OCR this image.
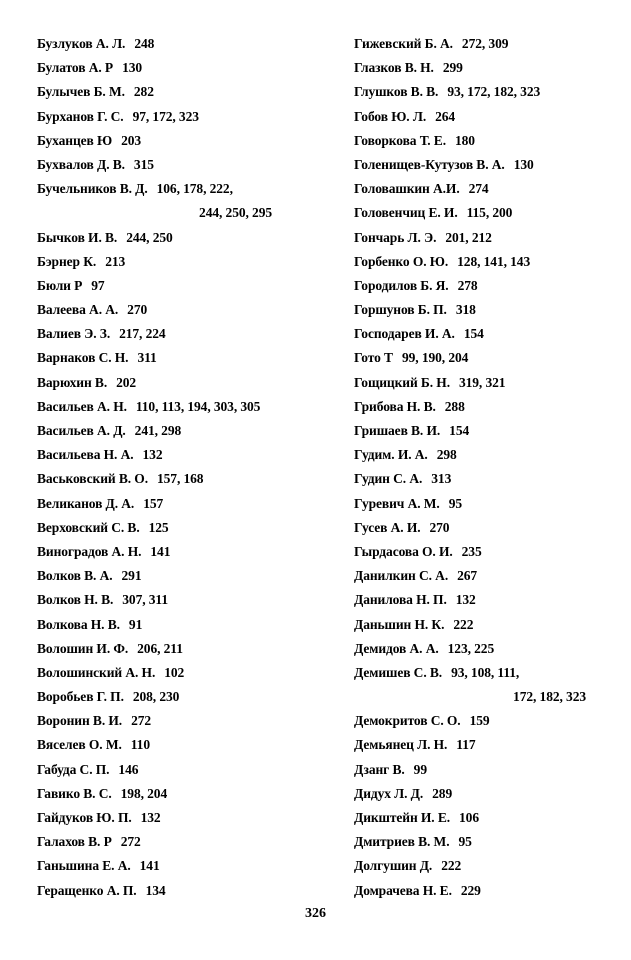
Бузлуков А. Л. 248
Булатов А. Р 130
Булычев Б. М. 282
Бурханов Г. С. 97, 172, 323
Буханцев Ю 203
Бухвалов Д. В. 315
Бучельников В. Д. 106, 178, 222,
244, 250, 295
Бычков И. В. 244, 250
Бэрнер К. 213
Бюли Р 97
Валеева А. А. 270
Валиев Э. З. 217, 224
Варнаков С. Н. 311
Варюхин В. 202
Васильев А. Н. 110, 113, 194, 303, 305
Васильев А. Д. 241, 298
Васильева Н. А. 132
Васьковский В. О. 157, 168
Великанов Д. А. 157
Верховский С. В. 125
Виноградов А. Н. 141
Волков В. А. 291
Волков Н. В. 307, 311
Волкова Н. В. 91
Волошин И. Ф. 206, 211
Волошинский А. Н. 102
Воробьев Г. П. 208, 230
Воронин В. И. 272
Вяселев О. М. 110
Габуда С. П. 146
Гавико В. С. 198, 204
Гайдуков Ю. П. 132
Галахов В. Р 272
Ганьшина Е. А. 141
Геращенко А. П. 134
Гижевский Б. А. 272, 309
Глазков В. Н. 299
Глушков В. В. 93, 172, 182, 323
Гобов Ю. Л. 264
Говоркова Т. Е. 180
Голенищев-Кутузов В. А. 130
Головашкин А.И. 274
Головенчиц Е. И. 115, 200
Гончарь Л. Э. 201, 212
Горбенко О. Ю. 128, 141, 143
Городилов Б. Я. 278
Горшунов Б. П. 318
Господарев И. А. 154
Гото Т 99, 190, 204
Гощицкий Б. Н. 319, 321
Грибова Н. В. 288
Гришаев В. И. 154
Гудим. И. А. 298
Гудин С. А. 313
Гуревич А. М. 95
Гусев А. И. 270
Гырдасова О. И. 235
Данилкин С. А. 267
Данилова Н. П. 132
Даньшин Н. К. 222
Демидов А. А. 123, 225
Демишев С. В. 93, 108, 111,
172, 182, 323
Демокритов С. О. 159
Демьянец Л. Н. 117
Дзанг В. 99
Дидух Л. Д. 289
Дикштейн И. Е. 106
Дмитриев В. М. 95
Долгушин Д. 222
Домрачева Н. Е. 229
326
